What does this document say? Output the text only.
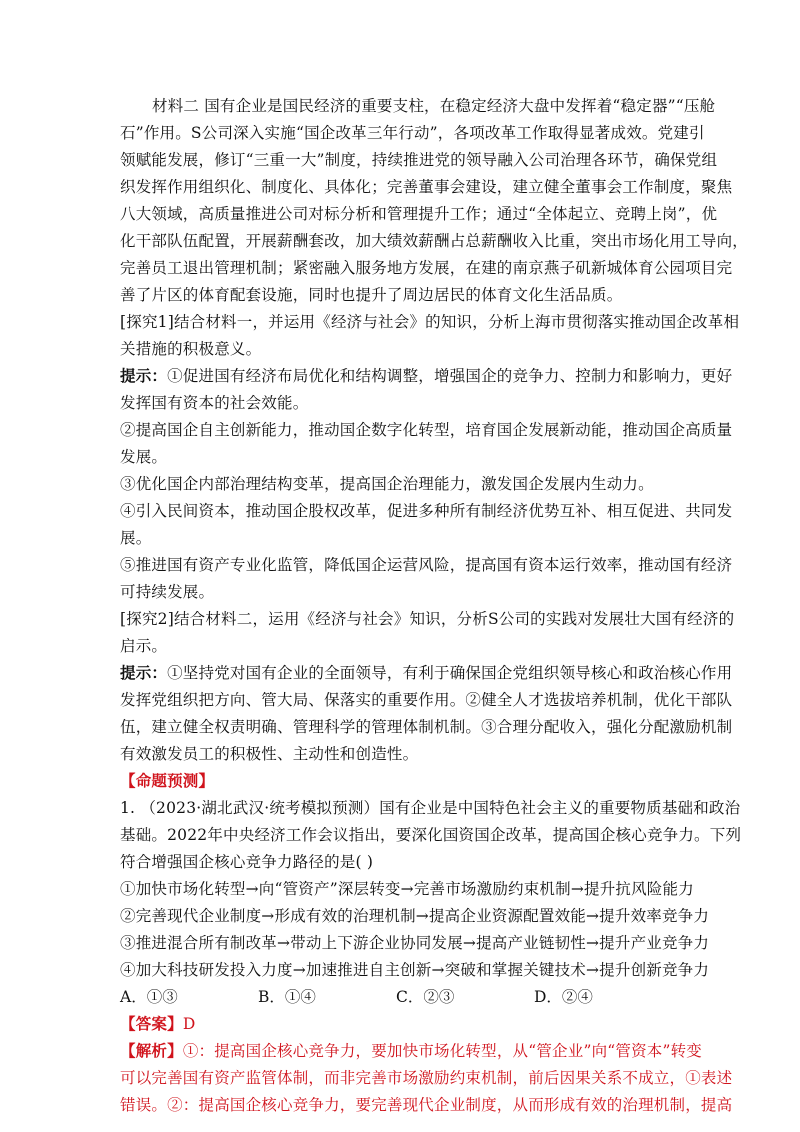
材料二 国有企业是国民经济的重要支柱，在稳定经济大盘中发挥着“稳定器”“压舱
石”作用。S公司深入实施“国企改革三年行动”，各项改革工作取得显著成效。党建引
领赋能发展，修订“三重一大”制度，持续推进党的领导融入公司治理各环节，确保党组
织发挥作用组织化、制度化、具体化；完善董事会建设，建立健全董事会工作制度，聚焦
八大领域，高质量推进公司对标分析和管理提升工作；通过“全体起立、竞聘上岗”，优
化干部队伍配置，开展薪酬套改，加大绩效薪酬占总薪酬收入比重，突出市场化用工导向，
完善员工退出管理机制；紧密融入服务地方发展，在建的南京燕子矶新城体育公园项目完
善了片区的体育配套设施，同时也提升了周边居民的体育文化生活品质。
[探究1]结合材料一，并运用《经济与社会》的知识，分析上海市贯彻落实推动国企改革相
关措施的积极意义。
提示：①促进国有经济布局优化和结构调整，增强国企的竞争力、控制力和影响力，更好
发挥国有资本的社会效能。
②提高国企自主创新能力，推动国企数字化转型，培育国企发展新动能，推动国企高质量
发展。
③优化国企内部治理结构变革，提高国企治理能力，激发国企发展内生动力。
④引入民间资本，推动国企股权改革，促进多种所有制经济优势互补、相互促进、共同发
展。
⑤推进国有资产专业化监管，降低国企运营风险，提高国有资本运行效率，推动国有经济
可持续发展。
[探究2]结合材料二，运用《经济与社会》知识，分析S公司的实践对发展壮大国有经济的
启示。
提示：①坚持党对国有企业的全面领导，有利于确保国企党组织领导核心和政治核心作用
发挥党组织把方向、管大局、保落实的重要作用。②健全人才选拔培养机制，优化干部队
伍，建立健全权责明确、管理科学的管理体制机制。③合理分配收入，强化分配激励机制
有效激发员工的积极性、主动性和创造性。
【命题预测】
1. （2023·湖北武汉·统考模拟预测）国有企业是中国特色社会主义的重要物质基础和政治
基础。2022年中央经济工作会议指出，要深化国资国企改革，提高国企核心竞争力。下列
符合增强国企核心竞争力路径的是( )
①加快市场化转型→向“管资产”深层转变→完善市场激励约束机制→提升抗风险能力
②完善现代企业制度→形成有效的治理机制→提高企业资源配置效能→提升效率竞争力
③推进混合所有制改革→带动上下游企业协同发展→提高产业链韧性→提升产业竞争力
④加大科技研发投入力度→加速推进自主创新→突破和掌握关键技术→提升创新竞争力
A．①③	B．①④	C．②③	D．②④
【答案】D
【解析】①：提高国企核心竞争力，要加快市场化转型，从“管企业”向“管资本”转变
可以完善国有资产监管体制，而非完善市场激励约束机制，前后因果关系不成立，①表述
错误。②：提高国企核心竞争力，要完善现代企业制度，从而形成有效的治理机制，提高
